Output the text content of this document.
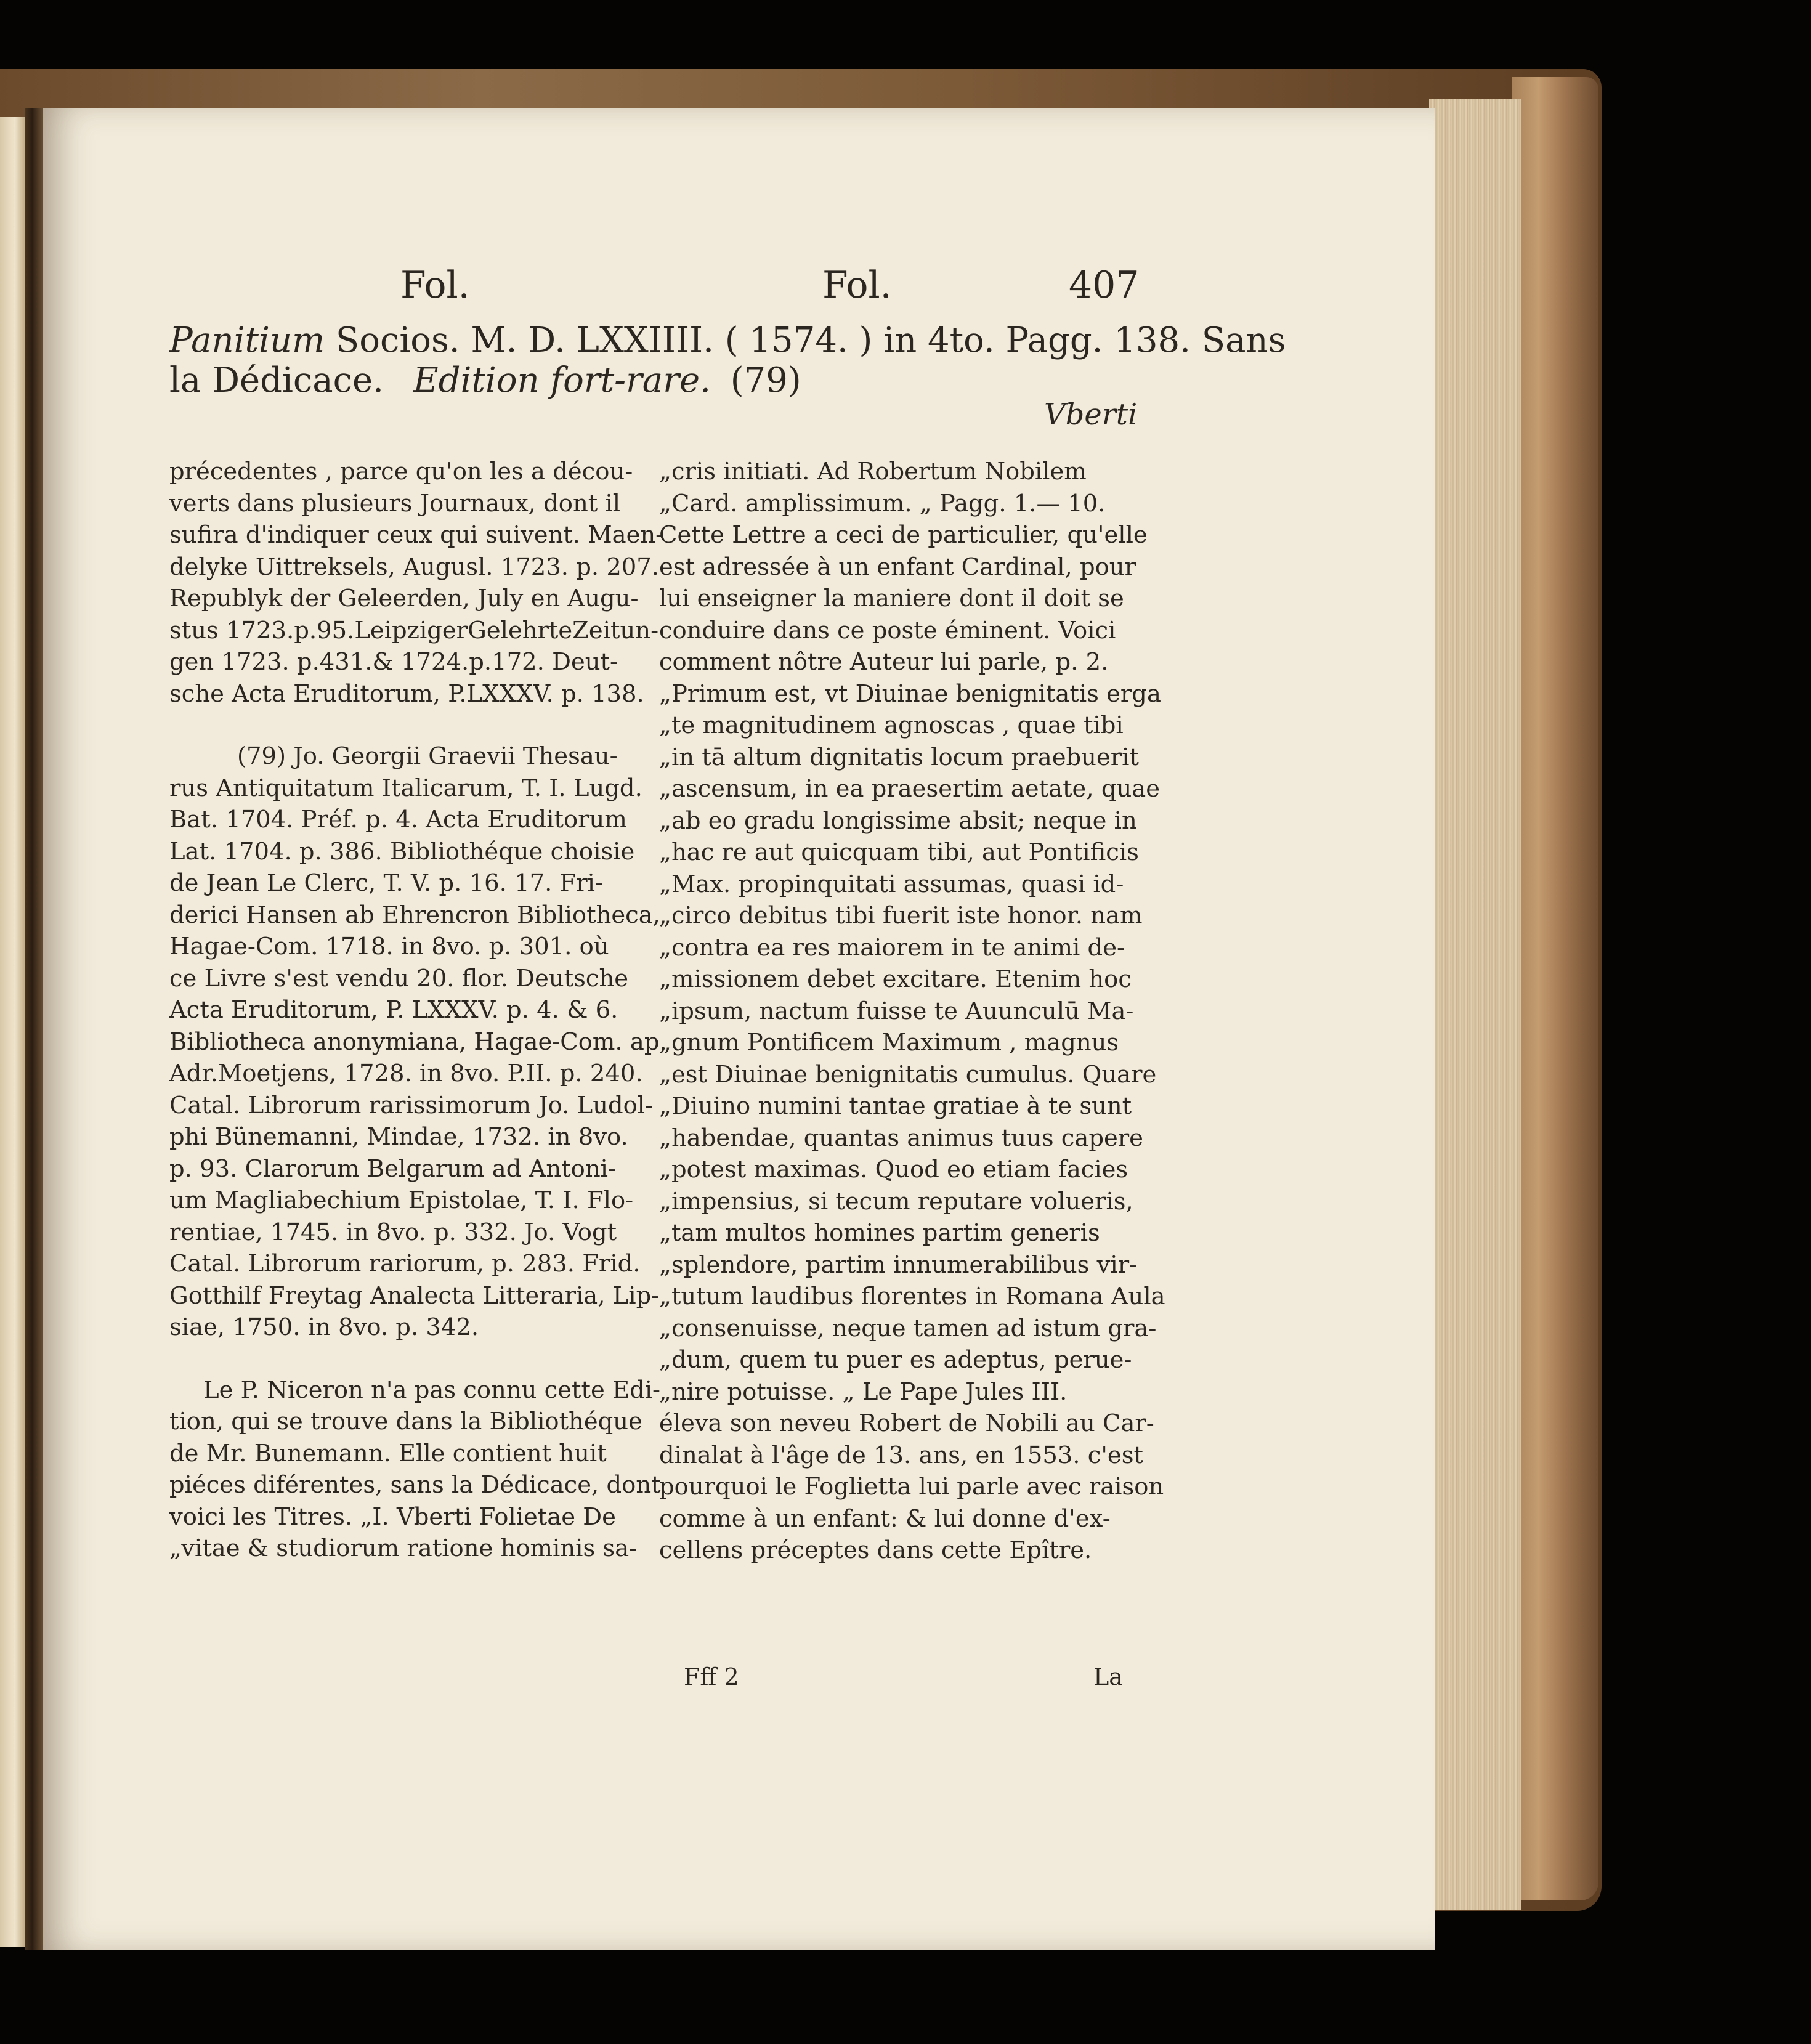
Fol.	Fol.	407
Panitium Socios. M. D. LXXIIII. ( 1574. ) in 4to. Pagg. 138. Sans
la Dédicace. Edition fort-rare. (79)
Vberti

précedentes , parce qu'on les a décou-
verts dans plusieurs Journaux, dont il
sufira d'indiquer ceux qui suivent. Maen-
delyke Uittreksels, Augusl. 1723. p. 207.
Republyk der Geleerden, July en Augu-
stus 1723.p.95.LeipzigerGelehrteZeitun-
gen 1723. p.431.& 1724.p.172. Deut-
sche Acta Eruditorum, P.LXXXV. p. 138.

(79) Jo. Georgii Graevii Thesau-
rus Antiquitatum Italicarum, T. I. Lugd.
Bat. 1704. Préf. p. 4. Acta Eruditorum
Lat. 1704. p. 386. Bibliothéque choisie
de Jean Le Clerc, T. V. p. 16. 17. Fri-
derici Hansen ab Ehrencron Bibliotheca,
Hagae-Com. 1718. in 8vo. p. 301. où
ce Livre s'est vendu 20. flor. Deutsche
Acta Eruditorum, P. LXXXV. p. 4. & 6.
Bibliotheca anonymiana, Hagae-Com. ap.
Adr.Moetjens, 1728. in 8vo. P.II. p. 240.
Catal. Librorum rarissimorum Jo. Ludol-
phi Bünemanni, Mindae, 1732. in 8vo.
p. 93. Clarorum Belgarum ad Antoni-
um Magliabechium Epistolae, T. I. Flo-
rentiae, 1745. in 8vo. p. 332. Jo. Vogt
Catal. Librorum rariorum, p. 283. Frid.
Gotthilf Freytag Analecta Litteraria, Lip-
siae, 1750. in 8vo. p. 342.

Le P. Niceron n'a pas connu cette Edi-
tion, qui se trouve dans la Bibliothéque
de Mr. Bunemann. Elle contient huit
piéces diférentes, sans la Dédicace, dont
voici les Titres. „I. Vberti Folietae De
„vitae & studiorum ratione hominis sa-

„cris initiati. Ad Robertum Nobilem
„Card. amplissimum. „ Pagg. 1.— 10.
Cette Lettre a ceci de particulier, qu'elle
est adressée à un enfant Cardinal, pour
lui enseigner la maniere dont il doit se
conduire dans ce poste éminent. Voici
comment nôtre Auteur lui parle, p. 2.
„Primum est, vt Diuinae benignitatis erga
„te magnitudinem agnoscas , quae tibi
„in tā altum dignitatis locum praebuerit
„ascensum, in ea praesertim aetate, quae
„ab eo gradu longissime absit; neque in
„hac re aut quicquam tibi, aut Pontificis
„Max. propinquitati assumas, quasi id-
„circo debitus tibi fuerit iste honor. nam
„contra ea res maiorem in te animi de-
„missionem debet excitare. Etenim hoc
„ipsum, nactum fuisse te Auunculū Ma-
„gnum Pontificem Maximum , magnus
„est Diuinae benignitatis cumulus. Quare
„Diuino numini tantae gratiae à te sunt
„habendae, quantas animus tuus capere
„potest maximas. Quod eo etiam facies
„impensius, si tecum reputare volueris,
„tam multos homines partim generis
„splendore, partim innumerabilibus vir-
„tutum laudibus florentes in Romana Aula
„consenuisse, neque tamen ad istum gra-
„dum, quem tu puer es adeptus, perue-
„nire potuisse. „ Le Pape Jules III.
éleva son neveu Robert de Nobili au Car-
dinalat à l'âge de 13. ans, en 1553. c'est
pourquoi le Foglietta lui parle avec raison
comme à un enfant: & lui donne d'ex-
cellens préceptes dans cette Epître.

Fff 2	La
